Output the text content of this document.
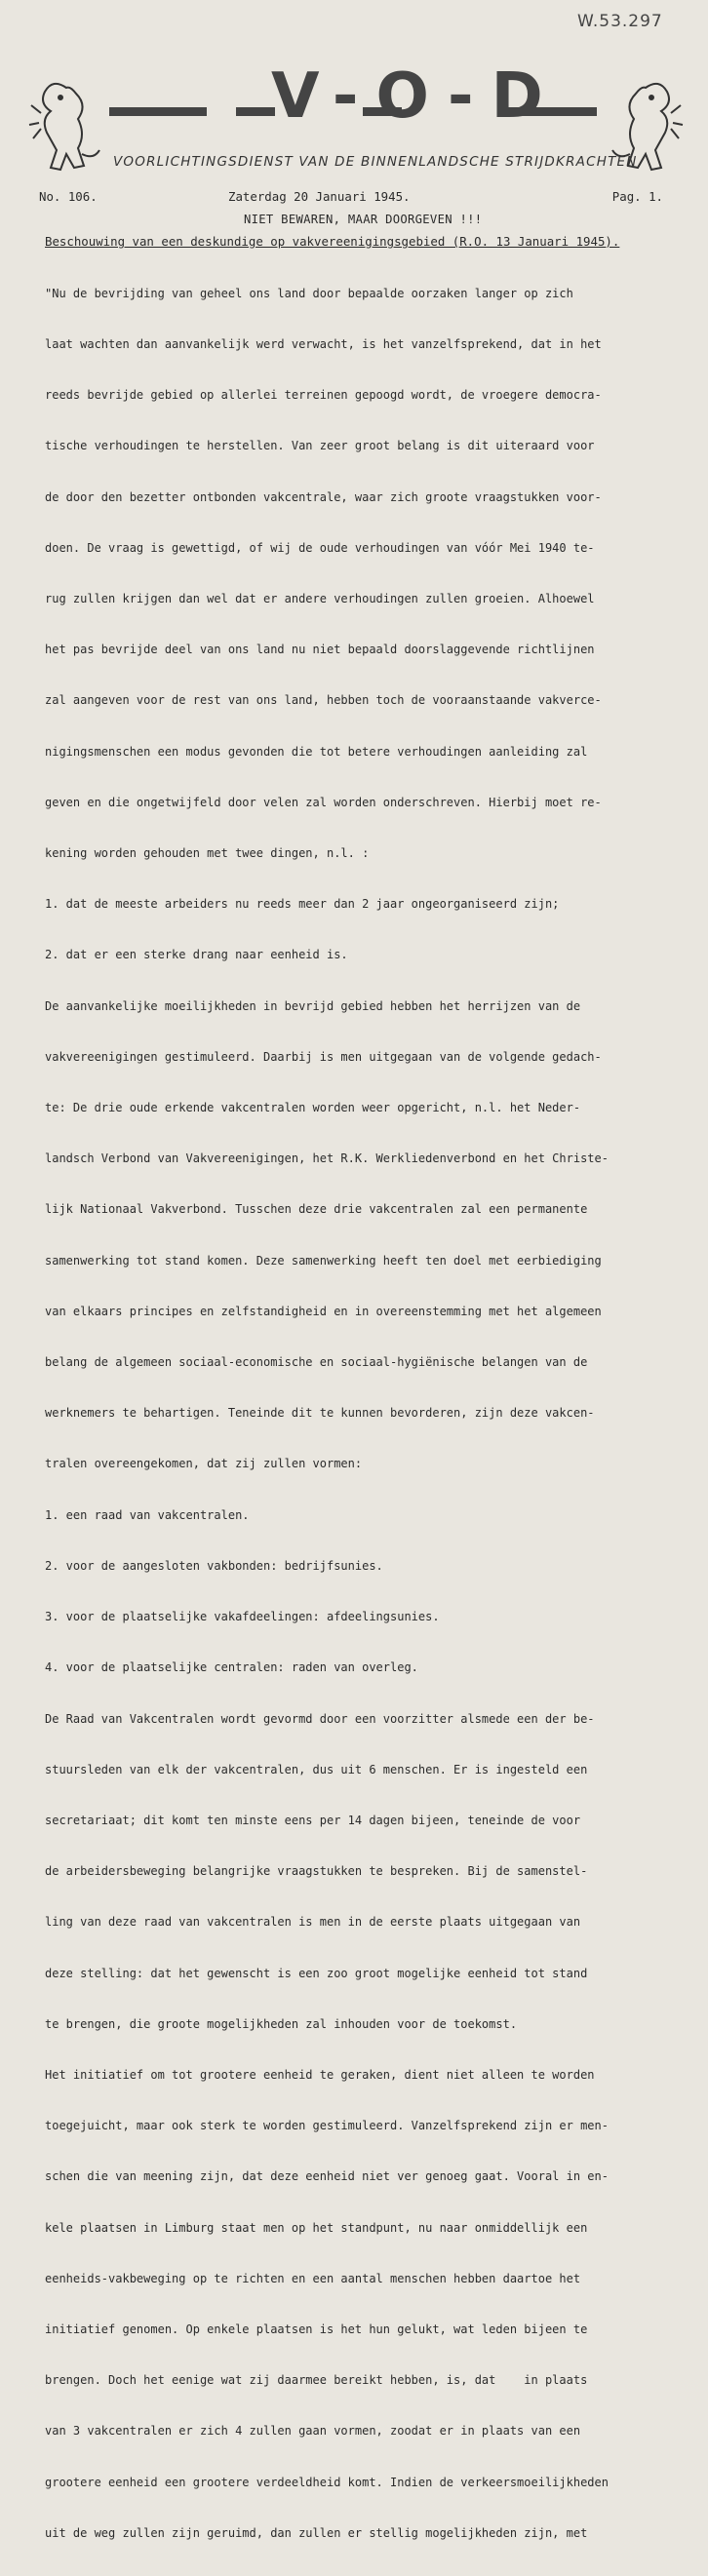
W.53.297
V-O-D
VOORLICHTINGSDIENST VAN DE BINNENLANDSCHE STRIJDKRACHTEN
No. 106.	Zaterdag 20 Januari 1945.	Pag. 1.
NIET BEWAREN, MAAR DOORGEVEN !!!
Beschouwing van een deskundige op vakvereenigingsgebied (R.O. 13 Januari 1945).

"Nu de bevrijding van geheel ons land door bepaalde oorzaken langer op zich

laat wachten dan aanvankelijk werd verwacht, is het vanzelfsprekend, dat in het

reeds bevrijde gebied op allerlei terreinen gepoogd wordt, de vroegere democra-

tische verhoudingen te herstellen. Van zeer groot belang is dit uiteraard voor

de door den bezetter ontbonden vakcentrale, waar zich groote vraagstukken voor-

doen. De vraag is gewettigd, of wij de oude verhoudingen van vóór Mei 1940 te-

rug zullen krijgen dan wel dat er andere verhoudingen zullen groeien. Alhoewel

het pas bevrijde deel van ons land nu niet bepaald doorslaggevende richtlijnen

zal aangeven voor de rest van ons land, hebben toch de vooraanstaande vakverce-

nigingsmenschen een modus gevonden die tot betere verhoudingen aanleiding zal

geven en die ongetwijfeld door velen zal worden onderschreven. Hierbij moet re-

kening worden gehouden met twee dingen, n.l. :

1. dat de meeste arbeiders nu reeds meer dan 2 jaar ongeorganiseerd zijn;

2. dat er een sterke drang naar eenheid is.

De aanvankelijke moeilijkheden in bevrijd gebied hebben het herrijzen van de

vakvereenigingen gestimuleerd. Daarbij is men uitgegaan van de volgende gedach-

te: De drie oude erkende vakcentralen worden weer opgericht, n.l. het Neder-

landsch Verbond van Vakvereenigingen, het R.K. Werkliedenverbond en het Christe-

lijk Nationaal Vakverbond. Tusschen deze drie vakcentralen zal een permanente

samenwerking tot stand komen. Deze samenwerking heeft ten doel met eerbiediging

van elkaars principes en zelfstandigheid en in overeenstemming met het algemeen

belang de algemeen sociaal-economische en sociaal-hygiënische belangen van de

werknemers te behartigen. Teneinde dit te kunnen bevorderen, zijn deze vakcen-

tralen overeengekomen, dat zij zullen vormen:

1. een raad van vakcentralen.

2. voor de aangesloten vakbonden: bedrijfsunies.

3. voor de plaatselijke vakafdeelingen: afdeelingsunies.

4. voor de plaatselijke centralen: raden van overleg.

De Raad van Vakcentralen wordt gevormd door een voorzitter alsmede een der be-

stuursleden van elk der vakcentralen, dus uit 6 menschen. Er is ingesteld een

secretariaat; dit komt ten minste eens per 14 dagen bijeen, teneinde de voor

de arbeidersbeweging belangrijke vraagstukken te bespreken. Bij de samenstel-

ling van deze raad van vakcentralen is men in de eerste plaats uitgegaan van

deze stelling: dat het gewenscht is een zoo groot mogelijke eenheid tot stand

te brengen, die groote mogelijkheden zal inhouden voor de toekomst.

Het initiatief om tot grootere eenheid te geraken, dient niet alleen te worden

toegejuicht, maar ook sterk te worden gestimuleerd. Vanzelfsprekend zijn er men-

schen die van meening zijn, dat deze eenheid niet ver genoeg gaat. Vooral in en-

kele plaatsen in Limburg staat men op het standpunt, nu naar onmiddellijk een

eenheids-vakbeweging op te richten en een aantal menschen hebben daartoe het

initiatief genomen. Op enkele plaatsen is het hun gelukt, wat leden bijeen te

brengen. Doch het eenige wat zij daarmee bereikt hebben, is, dat    in plaats

van 3 vakcentralen er zich 4 zullen gaan vormen, zoodat er in plaats van een

grootere eenheid een grootere verdeeldheid komt. Indien de verkeersmoeilijkheden

uit de weg zullen zijn geruimd, dan zullen er stellig mogelijkheden zijn, met
